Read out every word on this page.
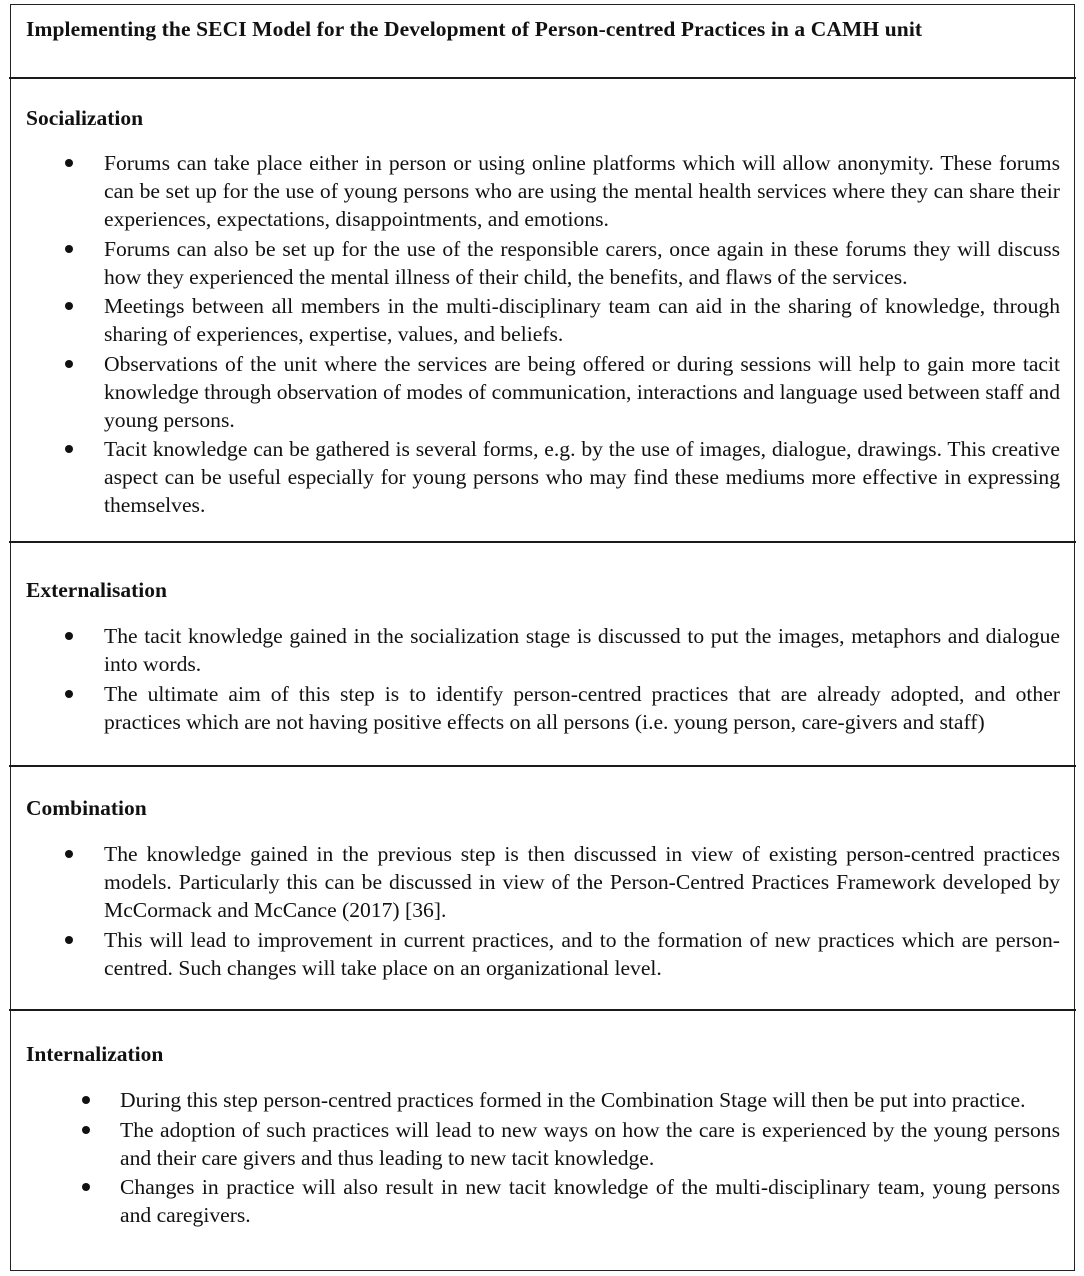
Implementing the SECI Model for the Development of Person-centred Practices in a CAMH unit
Socialization
Forums can take place either in person or using online platforms which will allow anonymity. These forums can be set up for the use of young persons who are using the mental health services where they can share their experiences, expectations, disappointments, and emotions.
Forums can also be set up for the use of the responsible carers, once again in these forums they will discuss how they experienced the mental illness of their child, the benefits, and flaws of the services.
Meetings between all members in the multi-disciplinary team can aid in the sharing of knowledge, through sharing of experiences, expertise, values, and beliefs.
Observations of the unit where the services are being offered or during sessions will help to gain more tacit knowledge through observation of modes of communication, interactions and language used between staff and young persons.
Tacit knowledge can be gathered is several forms, e.g. by the use of images, dialogue, drawings. This creative aspect can be useful especially for young persons who may find these mediums more effective in expressing themselves.
Externalisation
The tacit knowledge gained in the socialization stage is discussed to put the images, metaphors and dialogue into words.
The ultimate aim of this step is to identify person-centred practices that are already adopted, and other practices which are not having positive effects on all persons (i.e. young person, care-givers and staff)
Combination
The knowledge gained in the previous step is then discussed in view of existing person-centred practices models. Particularly this can be discussed in view of the Person-Centred Practices Framework developed by McCormack and McCance (2017) [36].
This will lead to improvement in current practices, and to the formation of new practices which are person-centred. Such changes will take place on an organizational level.
Internalization
During this step person-centred practices formed in the Combination Stage will then be put into practice.
The adoption of such practices will lead to new ways on how the care is experienced by the young persons and their care givers and thus leading to new tacit knowledge.
Changes in practice will also result in new tacit knowledge of the multi-disciplinary team, young persons and caregivers.
